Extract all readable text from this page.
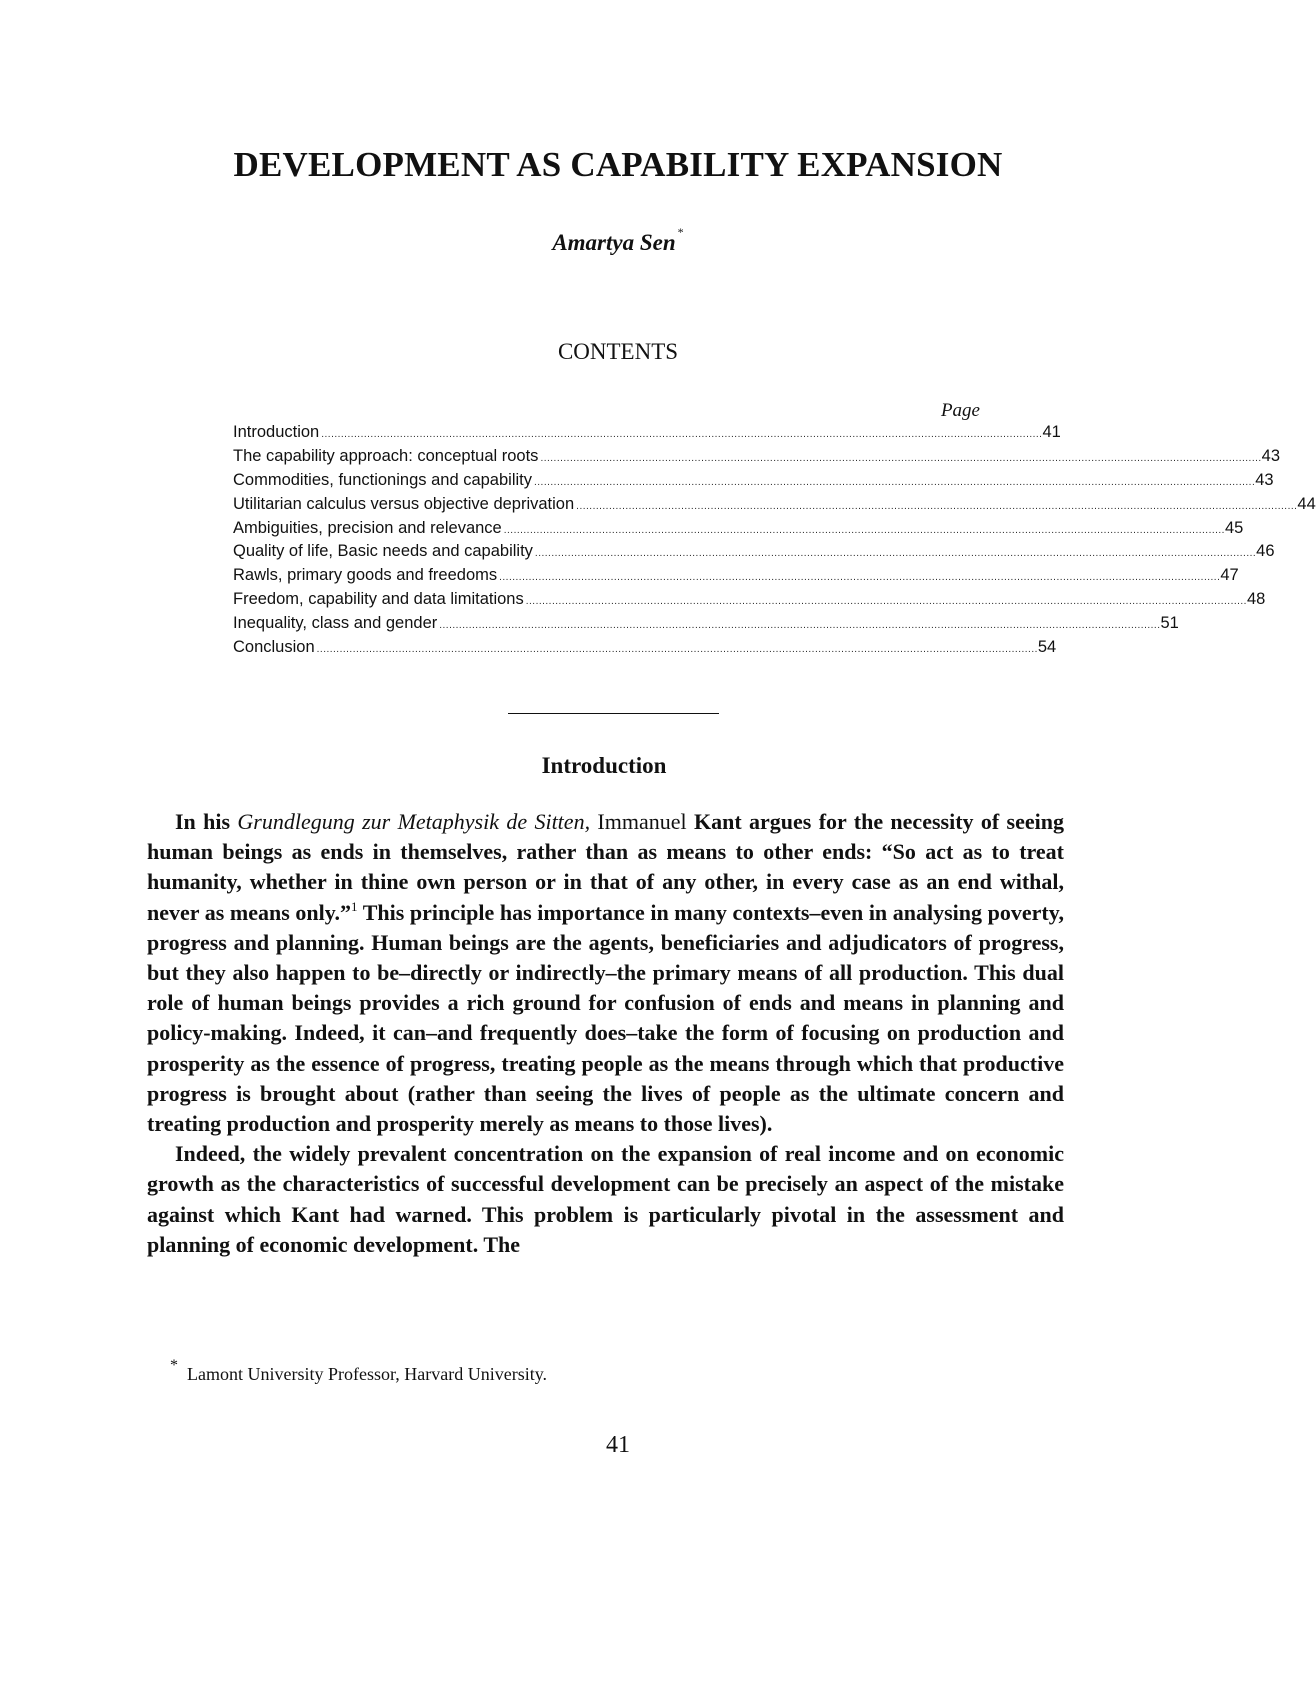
DEVELOPMENT AS CAPABILITY EXPANSION
Amartya Sen *
CONTENTS
Page
Introduction ............................................................................................................................................................................................................................ 41
The capability approach: conceptual roots ............................................................................................................................................................................................................................ 43
Commodities, functionings and capability ............................................................................................................................................................................................................................ 43
Utilitarian calculus versus objective deprivation ............................................................................................................................................................................................................................ 44
Ambiguities, precision and relevance ............................................................................................................................................................................................................................ 45
Quality of life, Basic needs and capability ............................................................................................................................................................................................................................ 46
Rawls, primary goods and freedoms ............................................................................................................................................................................................................................ 47
Freedom, capability and data limitations ............................................................................................................................................................................................................................ 48
Inequality, class and gender ............................................................................................................................................................................................................................ 51
Conclusion ............................................................................................................................................................................................................................ 54
Introduction

In his Grundlegung zur Metaphysik de Sitten, Immanuel Kant argues for the necessity of seeing human beings as ends in themselves, rather than as means to other ends: “So act as to treat humanity, whether in thine own person or in that of any other, in every case as an end withal, never as means only.”$^1$ This principle has importance in many contexts–even in analysing poverty, progress and planning. Human beings are the agents, beneficiaries and adjudicators of progress, but they also happen to be–directly or indirectly–the primary means of all production. This dual role of human beings provides a rich ground for confusion of ends and means in planning and policy-making. Indeed, it can–and frequently does–take the form of focusing on production and prosperity as the essence of progress, treating people as the means through which that productive progress is brought about (rather than seeing the lives of people as the ultimate concern and treating production and prosperity merely as means to those lives).

Indeed, the widely prevalent concentration on the expansion of real income and on economic growth as the characteristics of successful development can be precisely an aspect of the mistake against which Kant had warned. This problem is particularly pivotal in the assessment and planning of economic development. The

* Lamont University Professor, Harvard University.
41
